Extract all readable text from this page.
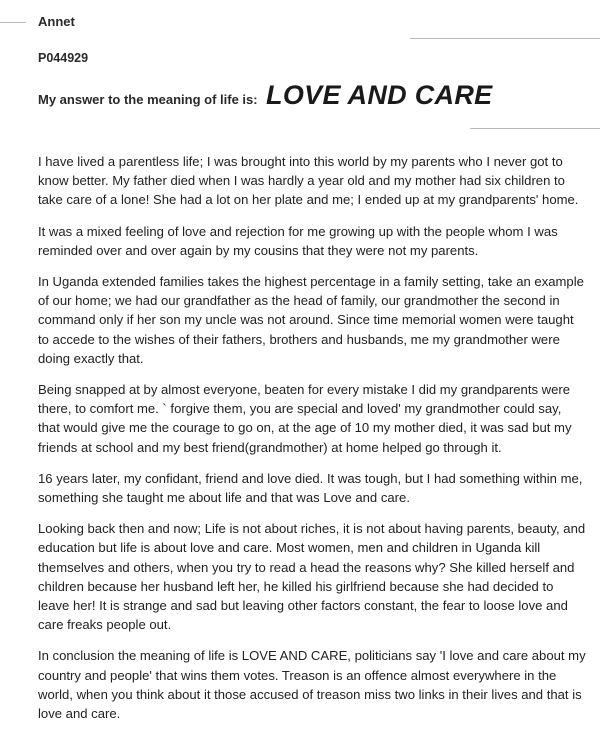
Annet
P044929
My answer to the meaning of life is: LOVE AND CARE

I have lived a parentless life; I was brought into this world by my parents who I never got to know better. My father died when I was hardly a year old and my mother had six children to take care of a lone! She had a lot on her plate and me; I ended up at my grandparents' home.

It was a mixed feeling of love and rejection for me growing up with the people whom I was reminded over and over again by my cousins that they were not my parents.

In Uganda extended families takes the highest percentage in a family setting, take an example of our home; we had our grandfather as the head of family, our grandmother the second in command only if her son my uncle was not around. Since time memorial women were taught to accede to the wishes of their fathers, brothers and husbands, me my grandmother were doing exactly that.

Being snapped at by almost everyone, beaten for every mistake I did my grandparents were there, to comfort me. ` forgive them, you are special and loved' my grandmother could say, that would give me the courage to go on, at the age of 10 my mother died, it was sad but my friends at school and my best friend(grandmother) at home helped go through it.

16 years later, my confidant, friend and love died. It was tough, but I had something within me, something she taught me about life and that was Love and care.

Looking back then and now; Life is not about riches, it is not about having parents, beauty, and education but life is about love and care. Most women, men and children in Uganda kill themselves and others, when you try to read a head the reasons why? She killed herself and children because her husband left her, he killed his girlfriend because she had decided to leave her! It is strange and sad but leaving other factors constant, the fear to loose love and care freaks people out.

In conclusion the meaning of life is LOVE AND CARE, politicians say 'I love and care about my country and people' that wins them votes. Treason is an offence almost everywhere in the world, when you think about it those accused of treason miss two links in their lives and that is love and care.
